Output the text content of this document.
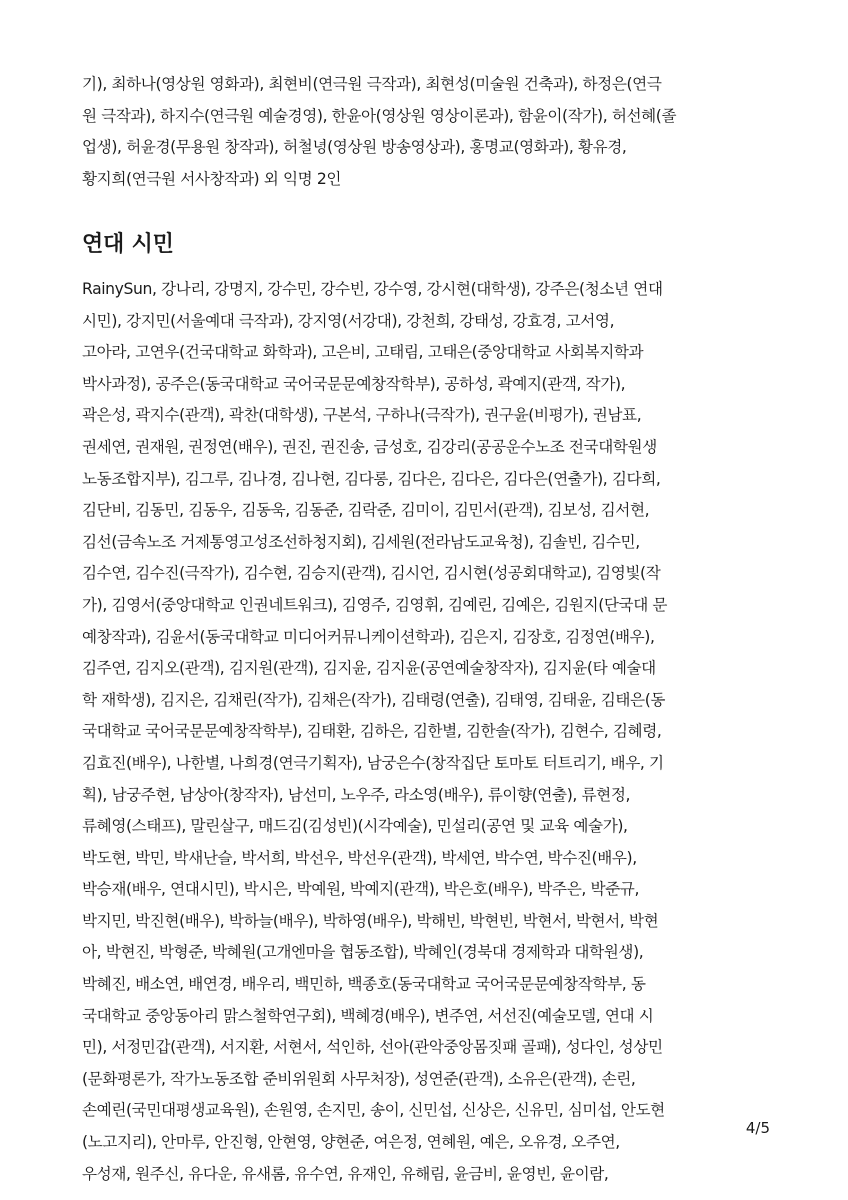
기), 최하나(영상원 영화과), 최현비(연극원 극작과), 최현성(미술원 건축과), 하정은(연극
원 극작과), 하지수(연극원 예술경영), 한윤아(영상원 영상이론과), 함윤이(작가), 허선혜(졸
업생), 허윤경(무용원 창작과), 허철녕(영상원 방송영상과), 홍명교(영화과), 황유경,
황지희(연극원 서사창작과) 외 익명 2인

연대 시민

RainySun, 강나리, 강명지, 강수민, 강수빈, 강수영, 강시현(대학생), 강주은(청소년 연대
시민), 강지민(서울예대 극작과), 강지영(서강대), 강천희, 강태성, 강효경, 고서영,
고아라, 고연우(건국대학교 화학과), 고은비, 고태림, 고태은(중앙대학교 사회복지학과
박사과정), 공주은(동국대학교 국어국문문예창작학부), 공하성, 곽예지(관객, 작가),
곽은성, 곽지수(관객), 곽찬(대학생), 구본석, 구하나(극작가), 권구윤(비평가), 권남표,
권세연, 권재원, 권정연(배우), 권진, 권진송, 금성호, 김강리(공공운수노조 전국대학원생
노동조합지부), 김그루, 김나경, 김나현, 김다롱, 김다은, 김다은, 김다은(연출가), 김다희,
김단비, 김동민, 김동우, 김동욱, 김동준, 김락준, 김미이, 김민서(관객), 김보성, 김서현,
김선(금속노조 거제통영고성조선하청지회), 김세원(전라남도교육청), 김솔빈, 김수민,
김수연, 김수진(극작가), 김수현, 김승지(관객), 김시언, 김시현(성공회대학교), 김영빛(작
가), 김영서(중앙대학교 인권네트워크), 김영주, 김영휘, 김예린, 김예은, 김원지(단국대 문
예창작과), 김윤서(동국대학교 미디어커뮤니케이션학과), 김은지, 김장호, 김정연(배우),
김주연, 김지오(관객), 김지원(관객), 김지윤, 김지윤(공연예술창작자), 김지윤(타 예술대
학 재학생), 김지은, 김채린(작가), 김채은(작가), 김태령(연출), 김태영, 김태윤, 김태은(동
국대학교 국어국문문예창작학부), 김태환, 김하은, 김한별, 김한솔(작가), 김현수, 김혜령,
김효진(배우), 나한별, 나희경(연극기획자), 남궁은수(창작집단 토마토 터트리기, 배우, 기
획), 남궁주현, 남상아(창작자), 남선미, 노우주, 라소영(배우), 류이향(연출), 류현정,
류혜영(스태프), 말린살구, 매드김(김성빈)(시각예술), 민설리(공연 및 교육 예술가),
박도현, 박민, 박새난슬, 박서희, 박선우, 박선우(관객), 박세연, 박수연, 박수진(배우),
박승재(배우, 연대시민), 박시은, 박예원, 박예지(관객), 박은호(배우), 박주은, 박준규,
박지민, 박진현(배우), 박하늘(배우), 박하영(배우), 박해빈, 박현빈, 박현서, 박현서, 박현
아, 박현진, 박형준, 박혜원(고개엔마을 협동조합), 박혜인(경북대 경제학과 대학원생),
박혜진, 배소연, 배연경, 배우리, 백민하, 백종호(동국대학교 국어국문문예창작학부, 동
국대학교 중앙동아리 맑스철학연구회), 백혜경(배우), 변주연, 서선진(예술모델, 연대 시
민), 서정민갑(관객), 서지환, 서현서, 석인하, 선아(관악중앙몸짓패 골패), 성다인, 성상민
(문화평론가, 작가노동조합 준비위원회 사무처장), 성연준(관객), 소유은(관객), 손린,
손예린(국민대평생교육원), 손원영, 손지민, 송이, 신민섭, 신상은, 신유민, 심미섭, 안도현
(노고지리), 안마루, 안진형, 안현영, 양현준, 여은정, 연혜원, 예은, 오유경, 오주연,
우성재, 원주신, 유다운, 유새롬, 유수연, 유재인, 유해림, 윤금비, 윤영빈, 윤이람,

4/5
